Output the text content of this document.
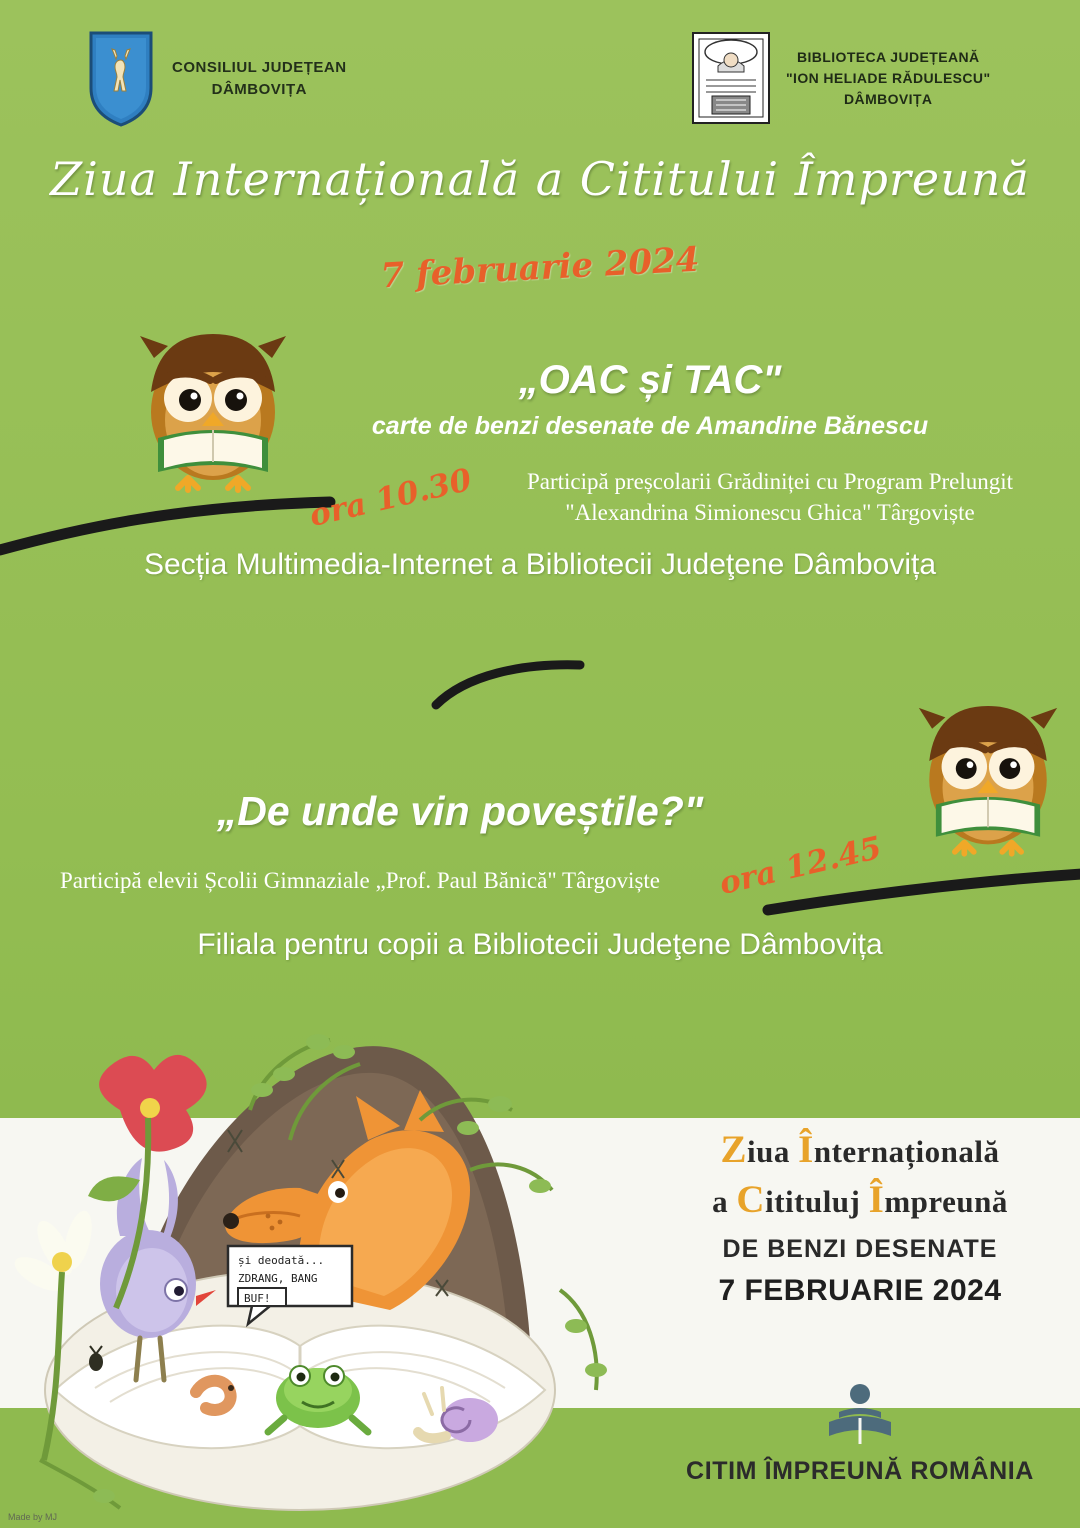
CONSILIUL JUDEȚEAN
DÂMBOVIȚA
BIBLIOTECA JUDEȚEANĂ
"ION HELIADE RĂDULESCU"
DÂMBOVIȚA
Ziua Internațională a Cititului Împreună
7 februarie 2024
„OAC și TAC"
carte de benzi desenate de Amandine Bănescu
Participă preșcolarii Grădiniței cu Program Prelungit
"Alexandrina Simionescu Ghica" Târgoviște
ora 10.30
Secția Multimedia-Internet a Bibliotecii Judeţene Dâmbovița
„De unde vin poveștile?"
Participă elevii Școlii Gimnaziale „Prof. Paul Bănică" Târgoviște	ora 12.45
Filiala pentru copii a Bibliotecii Judeţene Dâmbovița
și deodată...
ZDRANG, BANG
BUF!
Ziua Înternațională
a Citituluj Împreună
DE BENZI DESENATE
7 FEBRUARIE 2024
CITIM ÎMPREUNĂ ROMÂNIA
Made by MJ
